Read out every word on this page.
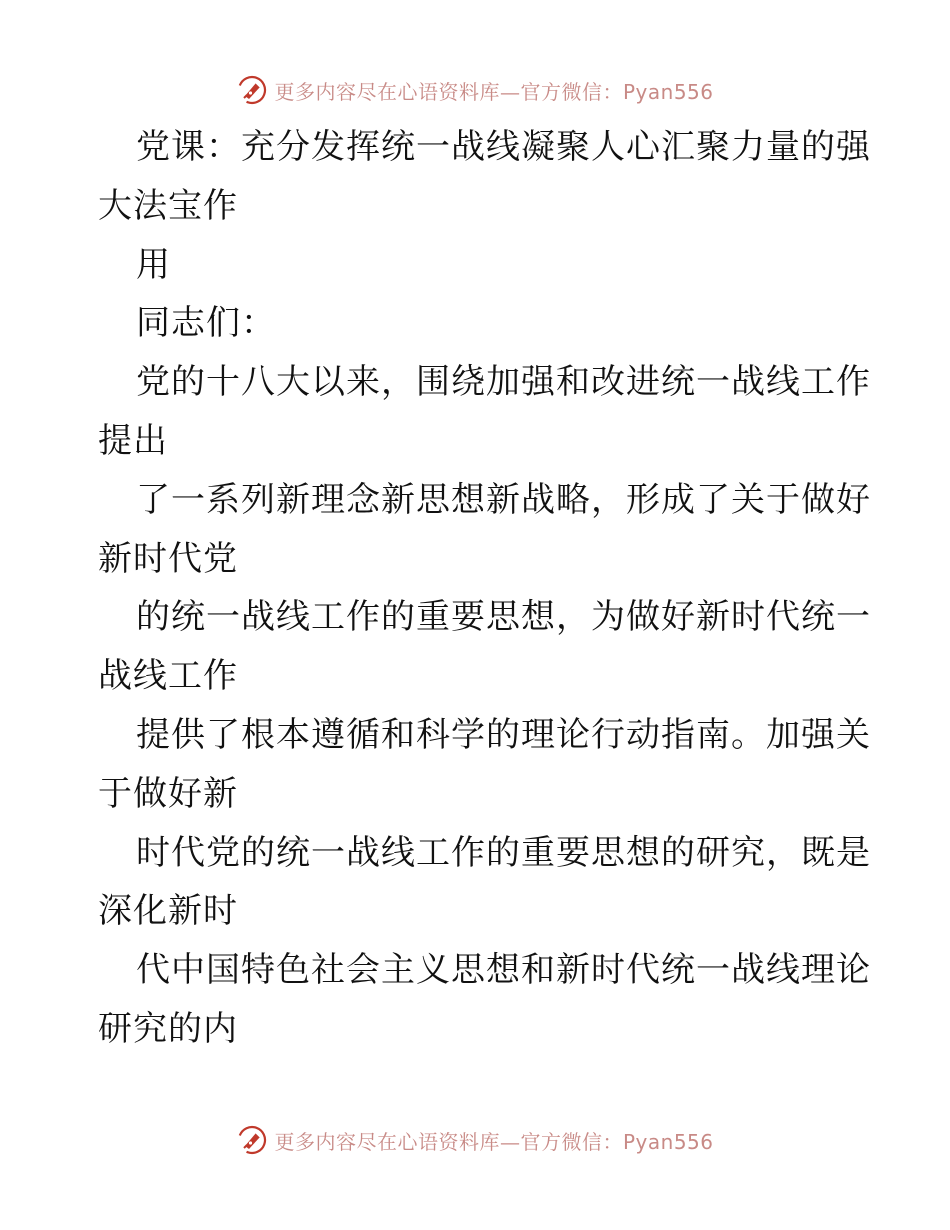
更多内容尽在心语资料库—官方微信：Pyan556
党课：充分发挥统一战线凝聚人心汇聚力量的强
大法宝作
用
同志们：
党的十八大以来，围绕加强和改进统一战线工作
提出
了一系列新理念新思想新战略，形成了关于做好
新时代党
的统一战线工作的重要思想，为做好新时代统一
战线工作
提供了根本遵循和科学的理论行动指南。加强关
于做好新
时代党的统一战线工作的重要思想的研究，既是
深化新时
代中国特色社会主义思想和新时代统一战线理论
研究的内
更多内容尽在心语资料库—官方微信：Pyan556
